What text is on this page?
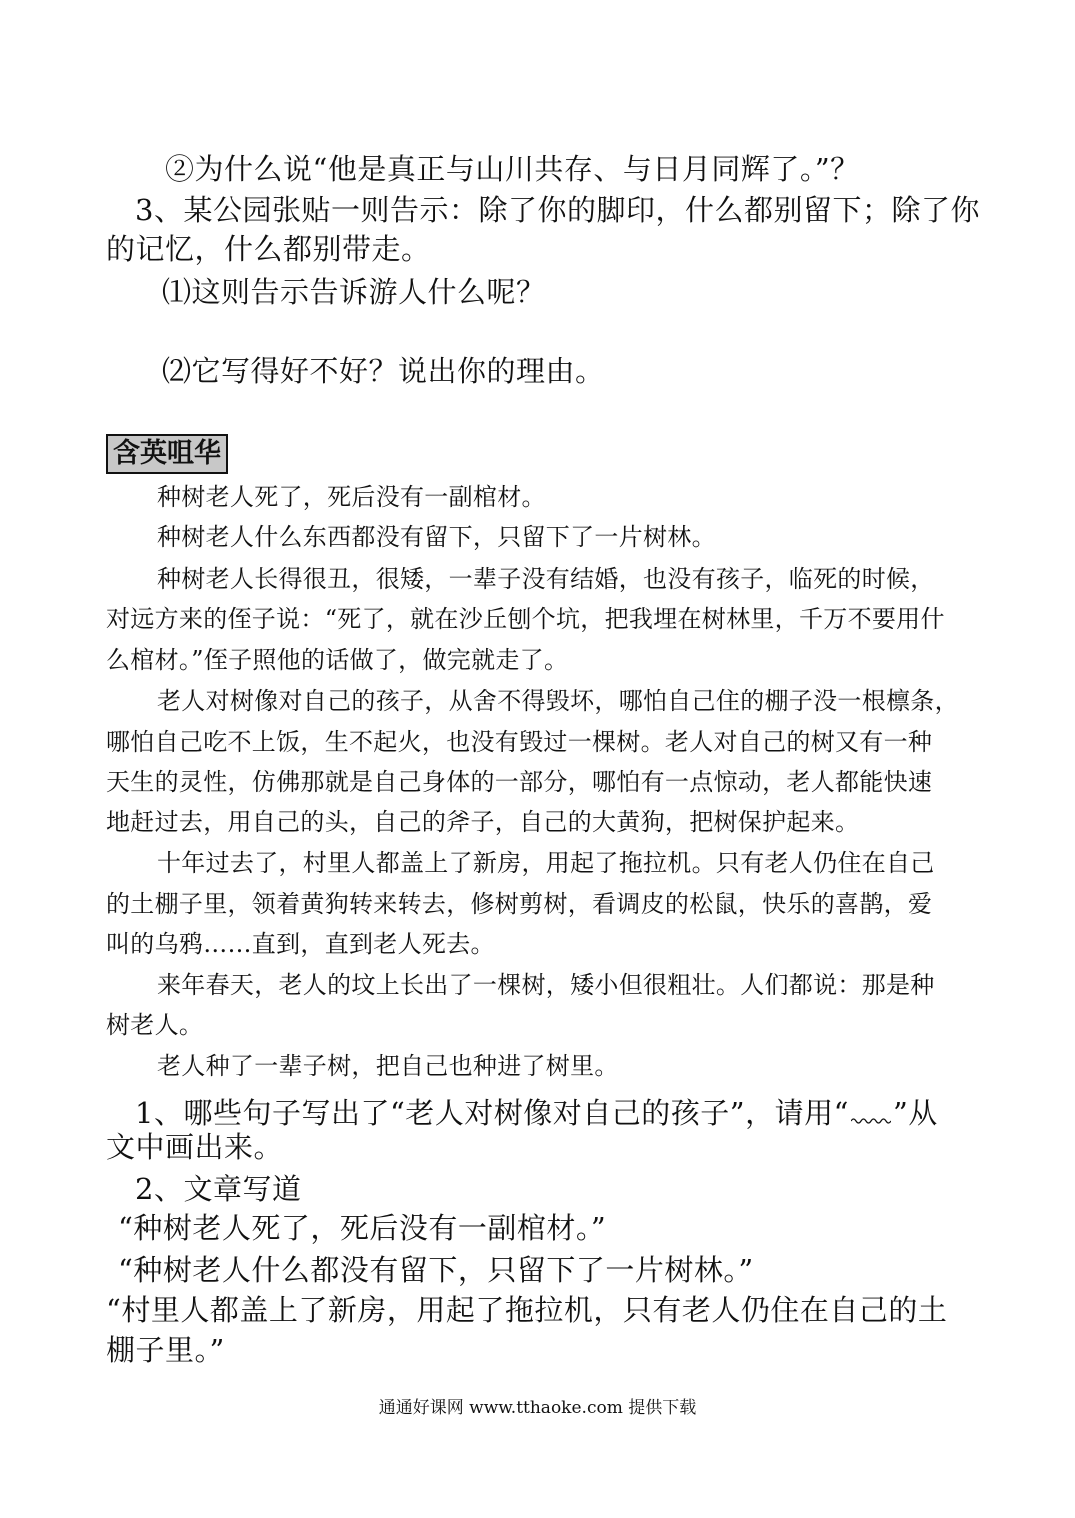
②为什么说“他是真正与山川共存、与日月同辉了。”？
3、某公园张贴一则告示：除了你的脚印，什么都别留下；除了你
的记忆，什么都别带走。
⑴这则告示告诉游人什么呢？
⑵它写得好不好？说出你的理由。
含英咀华
种树老人死了，死后没有一副棺材。
种树老人什么东西都没有留下，只留下了一片树林。
种树老人长得很丑，很矮，一辈子没有结婚，也没有孩子，临死的时候，
对远方来的侄子说：“死了，就在沙丘刨个坑，把我埋在树林里，千万不要用什
么棺材。”侄子照他的话做了，做完就走了。
老人对树像对自己的孩子，从舍不得毁坏，哪怕自己住的棚子没一根檩条，
哪怕自己吃不上饭，生不起火，也没有毁过一棵树。老人对自己的树又有一种
天生的灵性，仿佛那就是自己身体的一部分，哪怕有一点惊动，老人都能快速
地赶过去，用自己的头，自己的斧子，自己的大黄狗，把树保护起来。
十年过去了，村里人都盖上了新房，用起了拖拉机。只有老人仍住在自己
的土棚子里，领着黄狗转来转去，修树剪树，看调皮的松鼠，快乐的喜鹊，爱
叫的乌鸦……直到，直到老人死去。
来年春天，老人的坟上长出了一棵树，矮小但很粗壮。人们都说：那是种
树老人。
老人种了一辈子树，把自己也种进了树里。
1、哪些句子写出了“老人对树像对自己的孩子”，请用“ ”从
文中画出来。
2、文章写道
“种树老人死了，死后没有一副棺材。”
“种树老人什么都没有留下，只留下了一片树林。”
“村里人都盖上了新房，用起了拖拉机，只有老人仍住在自己的土
棚子里。”
通通好课网 www.tthaoke.com 提供下载
